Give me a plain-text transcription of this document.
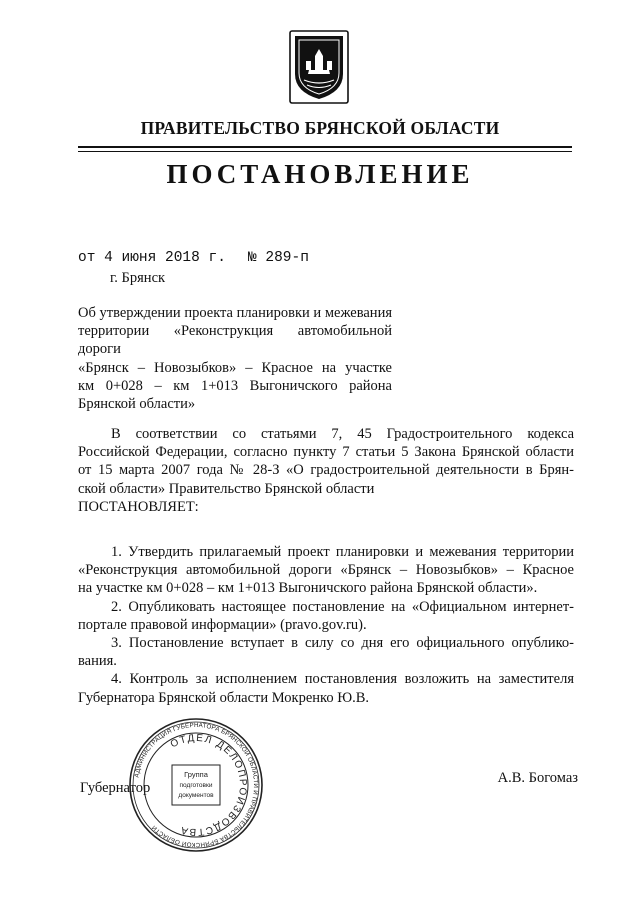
ПРАВИТЕЛЬСТВО БРЯНСКОЙ ОБЛАСТИ
ПОСТАНОВЛЕНИЕ
от 4 июня 2018 г. № 289-п
г. Брянск
Об утверждении проекта планировки и межевания
территории «Реконструкция автомобильной дороги
«Брянск – Новозыбков» – Красное на участке
км 0+028 – км 1+013 Выгоничского района
Брянской области»
В соответствии со статьями 7, 45 Градостроительного кодекса
Российской Федерации, согласно пункту 7 статьи 5 Закона Брянской области
от 15 марта 2007 года № 28-З «О градостроительной деятельности в Брян-
ской области» Правительство Брянской области
ПОСТАНОВЛЯЕТ:
1. Утвердить прилагаемый проект планировки и межевания территории
«Реконструкция автомобильной дороги «Брянск – Новозыбков» – Красное
на участке км 0+028 – км 1+013 Выгоничского района Брянской области».
2. Опубликовать настоящее постановление на «Официальном интернет-
портале правовой информации» (pravo.gov.ru).
3. Постановление вступает в силу со дня его официального опублико-
вания.
4. Контроль за исполнением постановления возложить на заместителя
Губернатора Брянской области Мокренко Ю.В.
Губернатор
А.В. Богомаз
АДМИНИСТРАЦИЯ ГУБЕРНАТОРА БРЯНСКОЙ ОБЛАСТИ И ПРАВИТЕЛЬСТВА БРЯНСКОЙ ОБЛАСТИ
ОТДЕЛ ДЕЛОПРОИЗВОДСТВА
Группа
подготовки
документов
